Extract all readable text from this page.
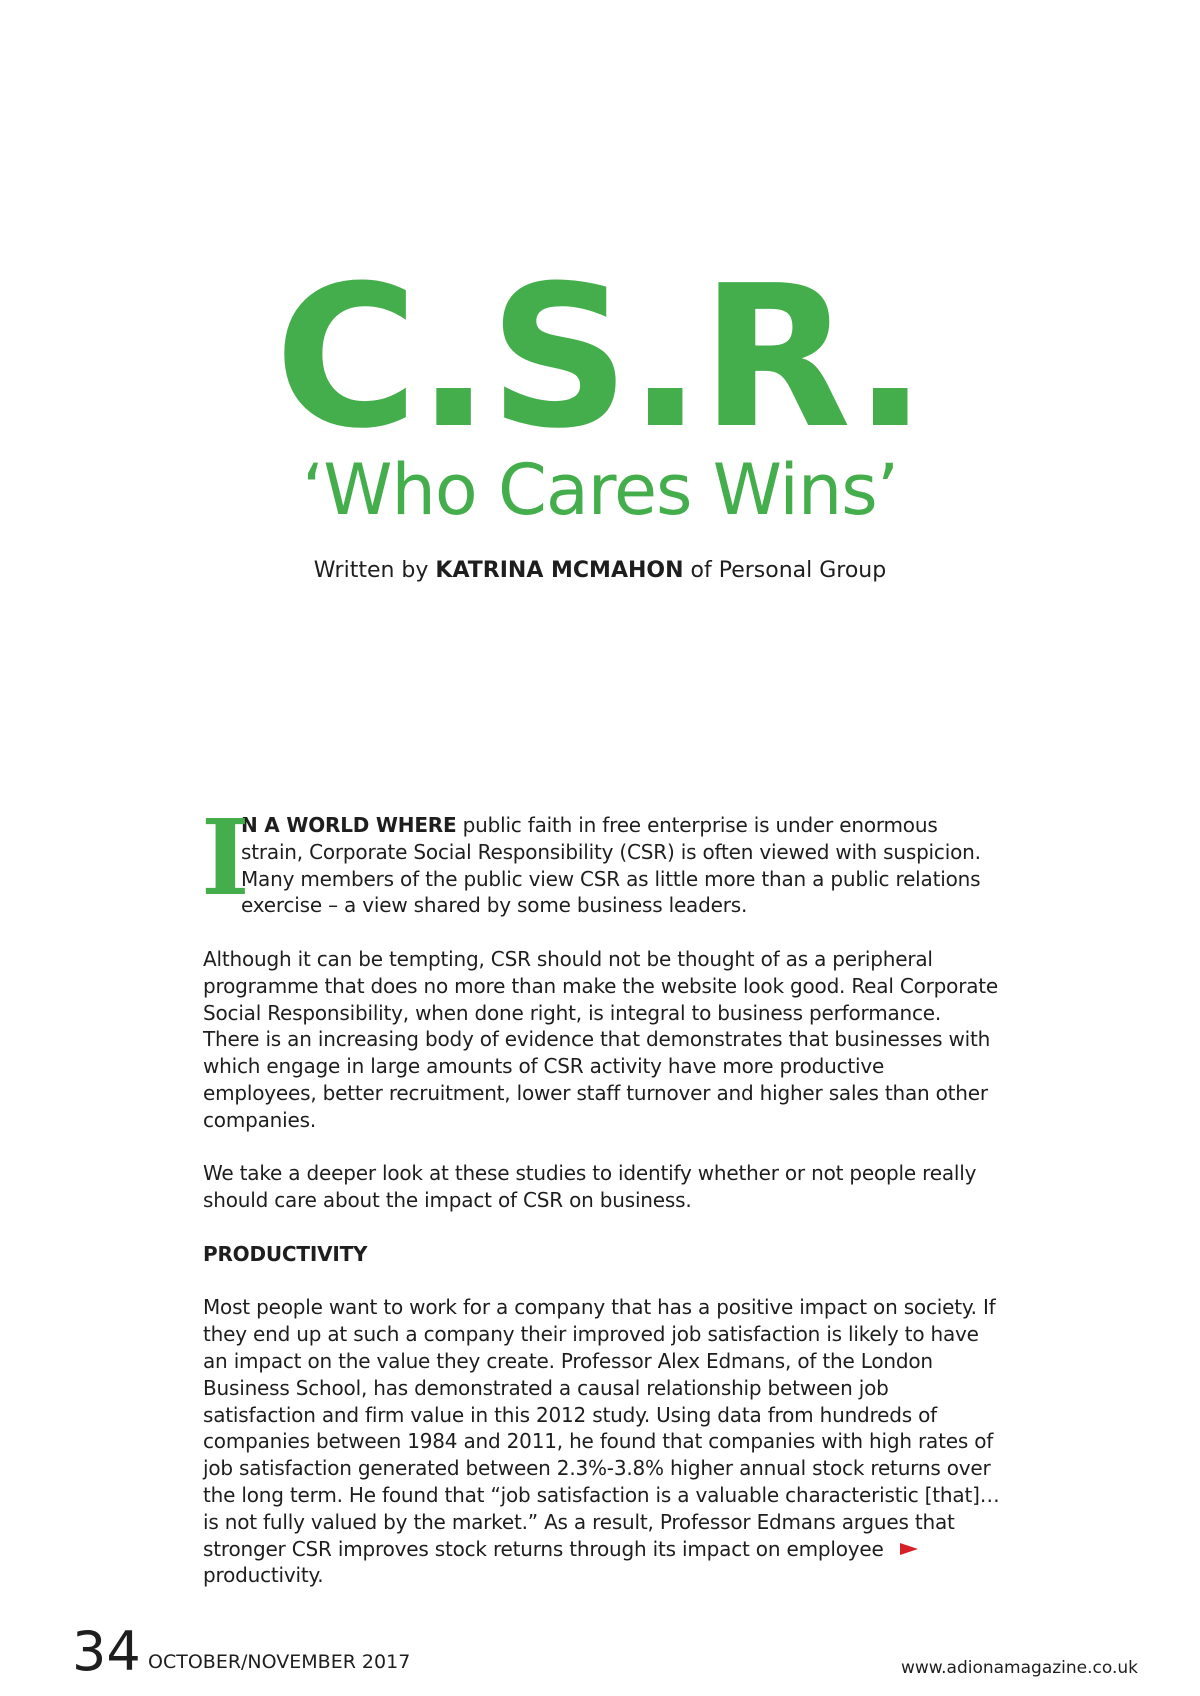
C.S.R.
‘Who Cares Wins’
Written by KATRINA MCMAHON of Personal Group

I
N A WORLD WHERE public faith in free enterprise is under enormous strain, Corporate Social Responsibility (CSR) is often viewed with suspicion. Many members of the public view CSR as little more than a public relations exercise – a view shared by some business leaders.

Although it can be tempting, CSR should not be thought of as a peripheral programme that does no more than make the website look good. Real Corporate Social Responsibility, when done right, is integral to business performance. There is an increasing body of evidence that demonstrates that businesses with which engage in large amounts of CSR activity have more productive employees, better recruitment, lower staff turnover and higher sales than other companies.

We take a deeper look at these studies to identify whether or not people really should care about the impact of CSR on business.

PRODUCTIVITY

Most people want to work for a company that has a positive impact on society. If they end up at such a company their improved job satisfaction is likely to have an impact on the value they create. Professor Alex Edmans, of the London Business School, has demonstrated a causal relationship between job satisfaction and firm value in this 2012 study. Using data from hundreds of companies between 1984 and 2011, he found that companies with high rates of job satisfaction generated between 2.3%-3.8% higher annual stock returns over the long term. He found that “job satisfaction is a valuable characteristic [that]…is not fully valued by the market.” As a result, Professor Edmans argues that stronger CSR improves stock returns through its impact on employee  productivity.

34 OCTOBER/NOVEMBER 2017	www.adionamagazine.co.uk
